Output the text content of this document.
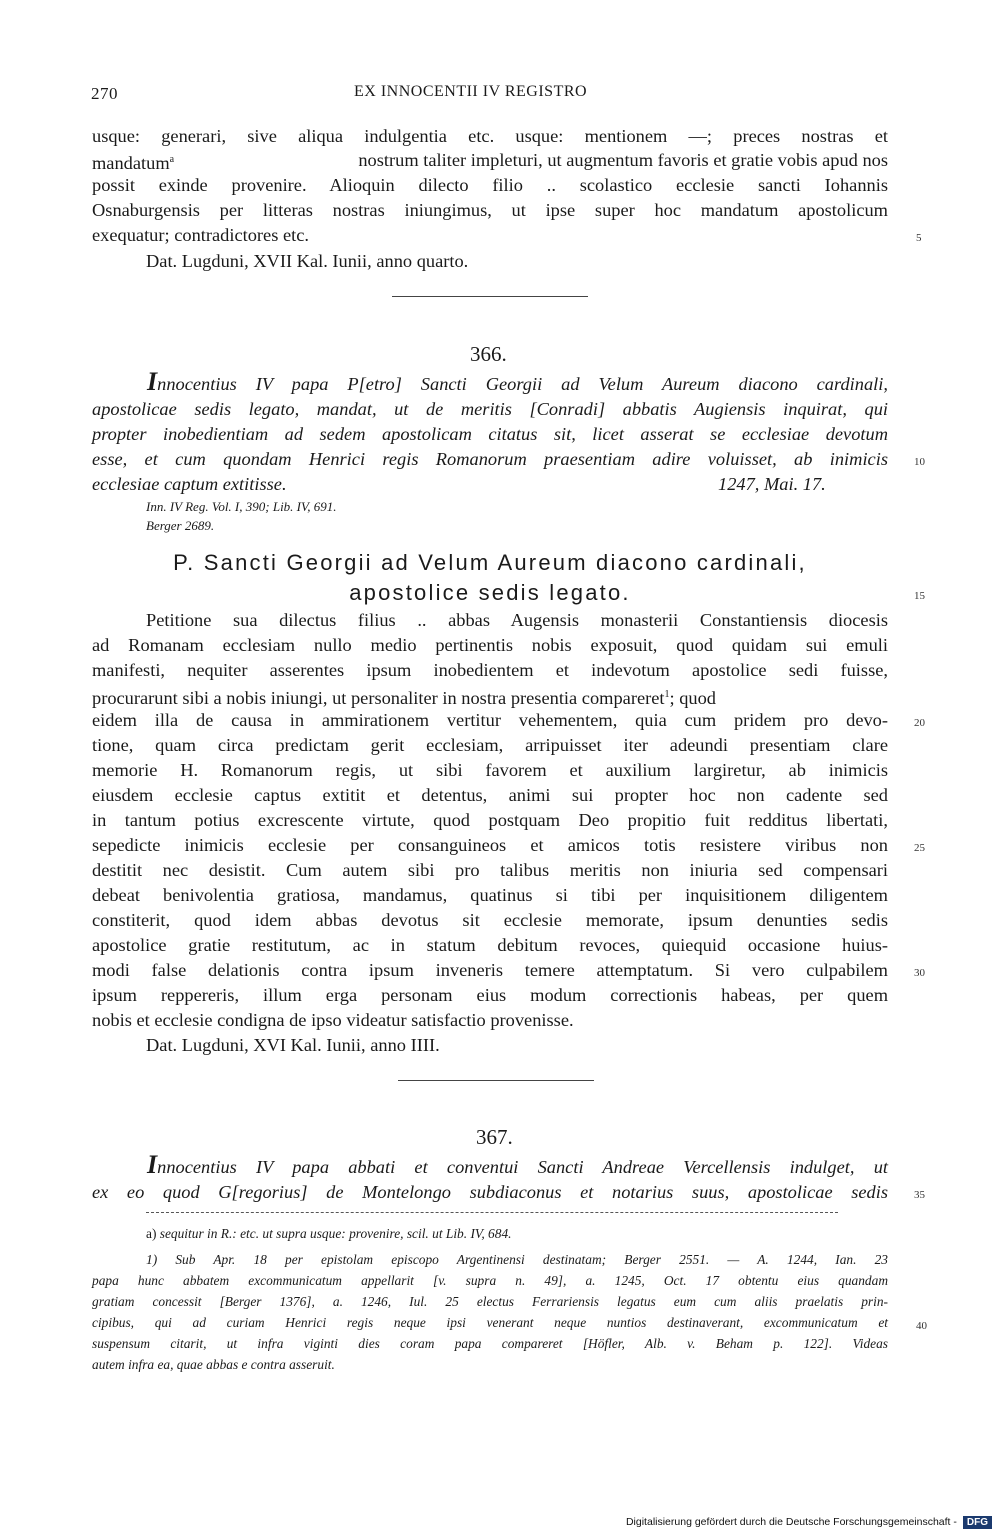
270	EX INNOCENTII IV REGISTRO
usque: generari, sive aliqua indulgentia etc. usque: mentionem —; preces nostras et
mandatum$^a$	nostrum taliter impleturi, ut augmentum favoris et gratie vobis apud nos
possit exinde provenire. Alioquin dilecto filio .. scolastico ecclesie sancti Iohannis
Osnaburgensis per litteras nostras iniungimus, ut ipse super hoc mandatum apostolicum
exequatur; contradictores etc.	5
Dat. Lugduni, XVII Kal. Iunii, anno quarto.
366.
Innocentius IV papa P[etro] Sancti Georgii ad Velum Aureum diacono cardinali,
apostolicae sedis legato, mandat, ut de meritis [Conradi] abbatis Augiensis inquirat, qui
propter inobedientiam ad sedem apostolicam citatus sit, licet asserat se ecclesiae devotum
esse, et cum quondam Henrici regis Romanorum praesentiam adire voluisset, ab inimicis 10
ecclesiae captum extitisse.	1247, Mai. 17.
Inn. IV Reg. Vol. I, 390; Lib. IV, 691.
Berger 2689.
P. Sancti Georgii ad Velum Aureum diacono cardinali,
apostolice sedis legato.	15
Petitione sua dilectus filius .. abbas Augensis monasterii Constantiensis diocesis
ad Romanam ecclesiam nullo medio pertinentis nobis exposuit, quod quidam sui emuli
manifesti, nequiter asserentes ipsum inobedientem et indevotum apostolice sedi fuisse,
procurarunt sibi a nobis iniungi, ut personaliter in nostra presentia compareret$^1$; quod
eidem illa de causa in ammirationem vertitur vehementem, quia cum pridem pro devo- 20
tione, quam circa predictam gerit ecclesiam, arripuisset iter adeundi presentiam clare
memorie H. Romanorum regis, ut sibi favorem et auxilium largiretur, ab inimicis
eiusdem ecclesie captus extitit et detentus, animi sui propter hoc non cadente sed
in tantum potius excrescente virtute, quod postquam Deo propitio fuit redditus libertati,
sepedicte inimicis ecclesie per consanguineos et amicos totis resistere viribus non 25
destitit nec desistit. Cum autem sibi pro talibus meritis non iniuria sed compensari
debeat benivolentia gratiosa, mandamus, quatinus si tibi per inquisitionem diligentem
constiterit, quod idem abbas devotus sit ecclesie memorate, ipsum denunties sedis
apostolice gratie restitutum, ac in statum debitum revoces, quiequid occasione huius-
modi false delationis contra ipsum inveneris temere attemptatum. Si vero culpabilem 30
ipsum reppereris, illum erga personam eius modum correctionis habeas, per quem
nobis et ecclesie condigna de ipso videatur satisfactio provenisse.
Dat. Lugduni, XVI Kal. Iunii, anno IIII.
367.
Innocentius IV papa abbati et conventui Sancti Andreae Vercellensis indulget, ut
ex eo quod G[regorius] de Montelongo subdiaconus et notarius suus, apostolicae sedis 35
a) sequitur in R.: etc. ut supra usque: provenire, scil. ut Lib. IV, 684.
1) Sub Apr. 18 per epistolam episcopo Argentinensi destinatam; Berger 2551. — A. 1244, Ian. 23
papa hunc abbatem excommunicatum appellarit [v. supra n. 49], a. 1245, Oct. 17 obtentu eius quandam
gratiam concessit [Berger 1376], a. 1246, Iul. 25 electus Ferrariensis legatus eum cum aliis praelatis prin-
cipibus, qui ad curiam Henrici regis neque ipsi venerant neque nuntios destinaverant, excommunicatum et	40
suspensum citarit, ut infra viginti dies coram papa compareret [Höfler, Alb. v. Beham p. 122]. Videas
autem infra ea, quae abbas e contra asseruit.
Digitalisierung gefördert durch die Deutsche Forschungsgemeinschaft -	DFG
